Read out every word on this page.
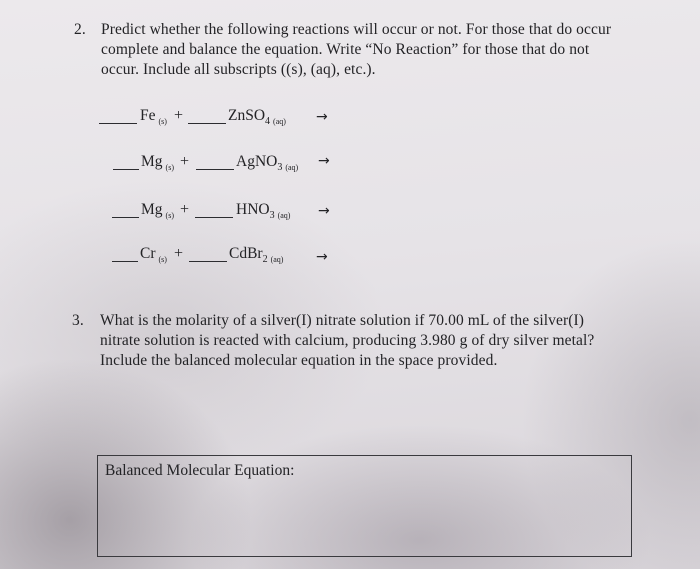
2. Predict whether the following reactions will occur or not. For those that do occur
complete and balance the equation. Write “No Reaction” for those that do not
occur. Include all subscripts ((s), (aq), etc.).
Fe $_{(s)}$ +	ZnSO$_4$ $_{(aq)}$ →
Mg $_{(s)}$ +	AgNO$_3$ $_{(aq)}$ →
Mg $_{(s)}$ +	$HNO_3$ $_{(aq)}$ →
Cr $_{(s)}$ +	CdBr$_2$ $_{(aq)}$ →
3. What is the molarity of a silver(I) nitrate solution if 70.00 mL of the silver(I)
nitrate solution is reacted with calcium, producing 3.980 g of dry silver metal?
Include the balanced molecular equation in the space provided.
Balanced Molecular Equation:
